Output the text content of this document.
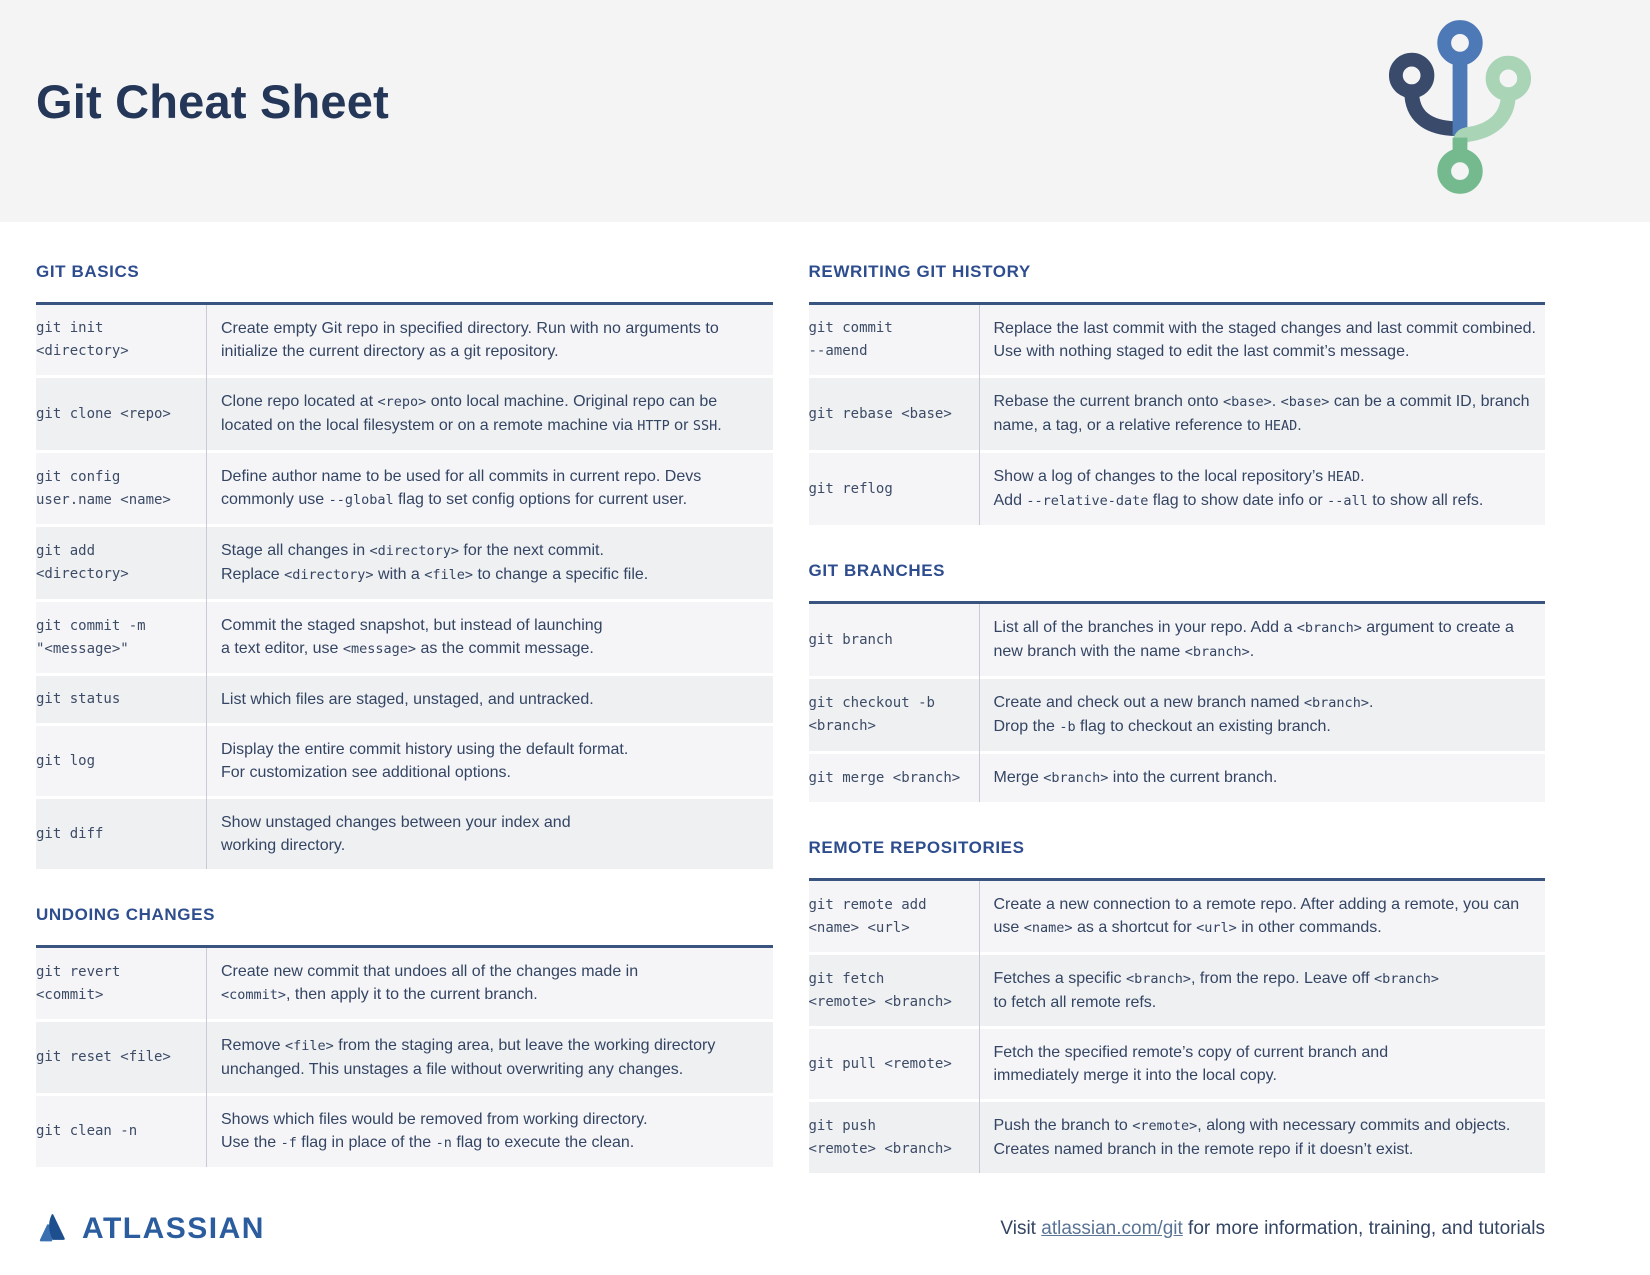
Git Cheat Sheet
GIT BASICS
git init
<directory>
Create empty Git repo in specified directory. Run with no arguments to initialize the current directory as a git repository.
git clone <repo>
Clone repo located at <repo> onto local machine. Original repo can be located on the local filesystem or on a remote machine via HTTP or SSH.
git config
user.name <name>
Define author name to be used for all commits in current repo. Devs commonly use --global flag to set config options for current user.
git add
<directory>
Stage all changes in <directory> for the next commit.
Replace <directory> with a <file> to change a specific file.
git commit -m
"<message>"
Commit the staged snapshot, but instead of launching
a text editor, use <message> as the commit message.
git status	List which files are staged, unstaged, and untracked.
git log
Display the entire commit history using the default format.
For customization see additional options.
git diff
Show unstaged changes between your index and
working directory.
UNDOING CHANGES
git revert
<commit>
Create new commit that undoes all of the changes made in
<commit>, then apply it to the current branch.
git reset <file>
Remove <file> from the staging area, but leave the working directory unchanged. This unstages a file without overwriting any changes.
git clean -n
Shows which files would be removed from working directory.
Use the -f flag in place of the -n flag to execute the clean.
REWRITING GIT HISTORY
git commit
--amend
Replace the last commit with the staged changes and last commit combined. Use with nothing staged to edit the last commit’s message.
git rebase <base>
Rebase the current branch onto <base>. <base> can be a commit ID, branch name, a tag, or a relative reference to HEAD.
git reflog
Show a log of changes to the local repository’s HEAD.
Add --relative-date flag to show date info or --all to show all refs.
GIT BRANCHES
git branch
List all of the branches in your repo. Add a <branch> argument to create a new branch with the name <branch>.
git checkout -b
<branch>
Create and check out a new branch named <branch>.
Drop the -b flag to checkout an existing branch.
git merge <branch> Merge <branch> into the current branch.
REMOTE REPOSITORIES
git remote add
<name> <url>
Create a new connection to a remote repo. After adding a remote, you can use <name> as a shortcut for <url> in other commands.
git fetch
<remote> <branch>
Fetches a specific <branch>, from the repo. Leave off <branch>
to fetch all remote refs.
git pull <remote>
Fetch the specified remote’s copy of current branch and
immediately merge it into the local copy.
git push
<remote> <branch>
Push the branch to <remote>, along with necessary commits and objects. Creates named branch in the remote repo if it doesn’t exist.
ATLASSIAN	Visit atlassian.com/git for more information, training, and tutorials
